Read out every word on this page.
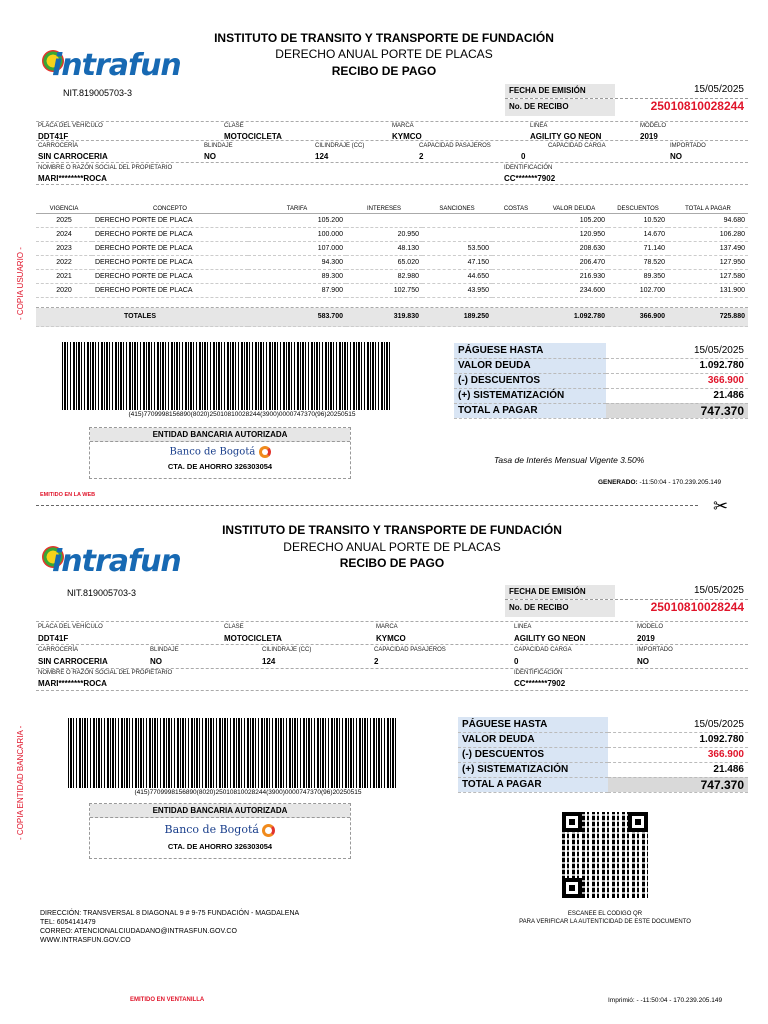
INSTITUTO DE TRANSITO Y TRANSPORTE DE FUNDACIÓN
DERECHO ANUAL PORTE DE PLACAS
RECIBO DE PAGO
intrafun
NIT.819005703-3	FECHA DE EMISIÓN	15/05/2025
No. DE RECIBO	25010810028244
PLACA DEL VEHÍCULO
DDT41F
CLASE
MOTOCICLETA
MARCA
KYMCO
LINEA
AGILITY GO NEON
MODELO
2019
CARROCERÍA
SIN CARROCERIA
BLINDAJE
NO
CILINDRAJE (CC)
124
CAPACIDAD PASAJEROS
2
CAPACIDAD CARGA
0
IMPORTADO
NO
NOMBRE O RAZÓN SOCIAL DEL PROPIETARIO
MARI********ROCA
IDENTIFICACIÓN
CC*******7902
- COPIA USUARIO -
VIGENCIA	CONCEPTO	TARIFA	INTERESES	SANCIONES	COSTAS	VALOR DEUDA	DESCUENTOS	TOTAL A PAGAR
2025	DERECHO PORTE DE PLACA	105.200				105.200	10.520	94.680
2024	DERECHO PORTE DE PLACA	100.000	20.950			120.950	14.670	106.280
2023	DERECHO PORTE DE PLACA	107.000	48.130	53.500		208.630	71.140	137.490
2022	DERECHO PORTE DE PLACA	94.300	65.020	47.150		206.470	78.520	127.950
2021	DERECHO PORTE DE PLACA	89.300	82.980	44.650		216.930	89.350	127.580
2020	DERECHO PORTE DE PLACA	87.900	102.750	43.950		234.600	102.700	131.900
TOTALES	583.700	319.830	189.250		1.092.780	366.900	725.880
(415)7709998156890(8020)25010810028244(3900)0000747370(96)20250515
PÁGUESE HASTA	15/05/2025
VALOR DEUDA	1.092.780
(-) DESCUENTOS	366.900
(+) SISTEMATIZACIÓN	21.486
TOTAL A PAGAR	747.370
ENTIDAD BANCARIA AUTORIZADA
Banco de Bogotá
CTA. DE AHORRO 326303054
Tasa de Interés Mensual Vigente 3.50%
GENERADO: -11:50:04 - 170.239.205.149
EMITIDO EN LA WEB
✂
INSTITUTO DE TRANSITO Y TRANSPORTE DE FUNDACIÓN
DERECHO ANUAL PORTE DE PLACAS
RECIBO DE PAGO
intrafun
NIT.819005703-3	FECHA DE EMISIÓN	15/05/2025
No. DE RECIBO	25010810028244
PLACA DEL VEHÍCULO
DDT41F
CLASE
MOTOCICLETA
MARCA
KYMCO
LINEA
AGILITY GO NEON
MODELO
2019
CARROCERÍA
SIN CARROCERIA
BLINDAJE
NO
CILINDRAJE (CC)
124
CAPACIDAD PASAJEROS
2
CAPACIDAD CARGA
0
IMPORTADO
NO
NOMBRE O RAZÓN SOCIAL DEL PROPIETARIO
MARI********ROCA
IDENTIFICACIÓN
CC*******7902
- COPIA ENTIDAD BANCARIA -	(415)7709998156890(8020)25010810028244(3900)0000747370(96)20250515
PÁGUESE HASTA	15/05/2025
VALOR DEUDA	1.092.780
(-) DESCUENTOS	366.900
(+) SISTEMATIZACIÓN	21.486
TOTAL A PAGAR	747.370
ENTIDAD BANCARIA AUTORIZADA
Banco de Bogotá
CTA. DE AHORRO 326303054
ESCANEE EL CODIGO QR
PARA VERIFICAR LA AUTENTICIDAD DE ESTE DOCUMENTO
DIRECCIÓN: TRANSVERSAL 8 DIAGONAL 9 # 9-75 FUNDACIÓN - MAGDALENA
TEL: 6054141479
CORREO: ATENCIONALCIUDADANO@INTRASFUN.GOV.CO
WWW.INTRASFUN.GOV.CO
EMITIDO EN VENTANILLA	Imprimió: - -11:50:04 - 170.239.205.149
